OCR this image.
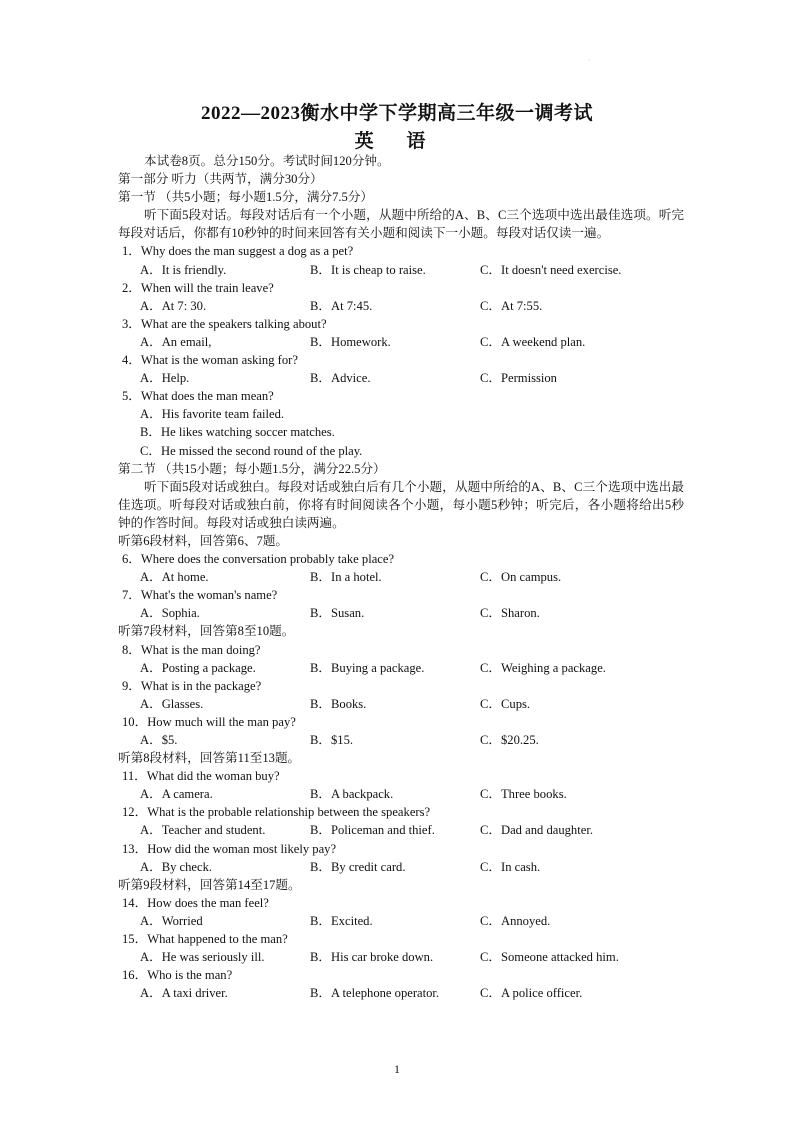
·
2022—2023衡水中学下学期高三年级一调考试
英 语
本试卷8页。总分150分。考试时间120分钟。
第一部分 听力（共两节，满分30分）
第一节 （共5小题；每小题1.5分，满分7.5分）
听下面5段对话。每段对话后有一个小题，从题中所给的A、B、C三个选项中选出最佳选项。听完每段对话后，你都有10秒钟的时间来回答有关小题和阅读下一小题。每段对话仅读一遍。
1．Why does the man suggest a dog as a pet?
A．It is friendly.	B．It is cheap to raise.	C．It doesn't need exercise.
2．When will the train leave?
A．At 7: 30.	B．At 7:45.	C．At 7:55.
3．What are the speakers talking about?
A．An email,	B．Homework.	C．A weekend plan.
4．What is the woman asking for?
A．Help.	B．Advice.	C．Permission
5．What does the man mean?
A．His favorite team failed.
B．He likes watching soccer matches.
C．He missed the second round of the play.
第二节 （共15小题；每小题1.5分，满分22.5分）
听下面5段对话或独白。每段对话或独白后有几个小题，从题中所给的A、B、C三个选项中选出最佳选项。听每段对话或独白前，你将有时间阅读各个小题，每小题5秒钟；听完后，各小题将给出5秒钟的作答时间。每段对话或独白读两遍。
听第6段材料，回答第6、7题。
6．Where does the conversation probably take place?
A．At home.	B．In a hotel.	C．On campus.
7．What's the woman's name?
A．Sophia.	B．Susan.	C．Sharon.
听第7段材料，回答第8至10题。
8．What is the man doing?
A．Posting a package.	B．Buying a package.	C．Weighing a package.
9．What is in the package?
A．Glasses.	B．Books.	C．Cups.
10．How much will the man pay?
A．$5.	B．$15.	C．$20.25.
听第8段材料，回答第11至13题。
11．What did the woman buy?
A．A camera.	B．A backpack.	C．Three books.
12．What is the probable relationship between the speakers?
A．Teacher and student.	B．Policeman and thief.	C．Dad and daughter.
13．How did the woman most likely pay?
A．By check.	B．By credit card.	C．In cash.
听第9段材料，回答第14至17题。
14．How does the man feel?
A．Worried	B．Excited.	C．Annoyed.
15．What happened to the man?
A．He was seriously ill.	B．His car broke down.	C．Someone attacked him.
16．Who is the man?
A．A taxi driver.	B．A telephone operator.	C．A police officer.
1
